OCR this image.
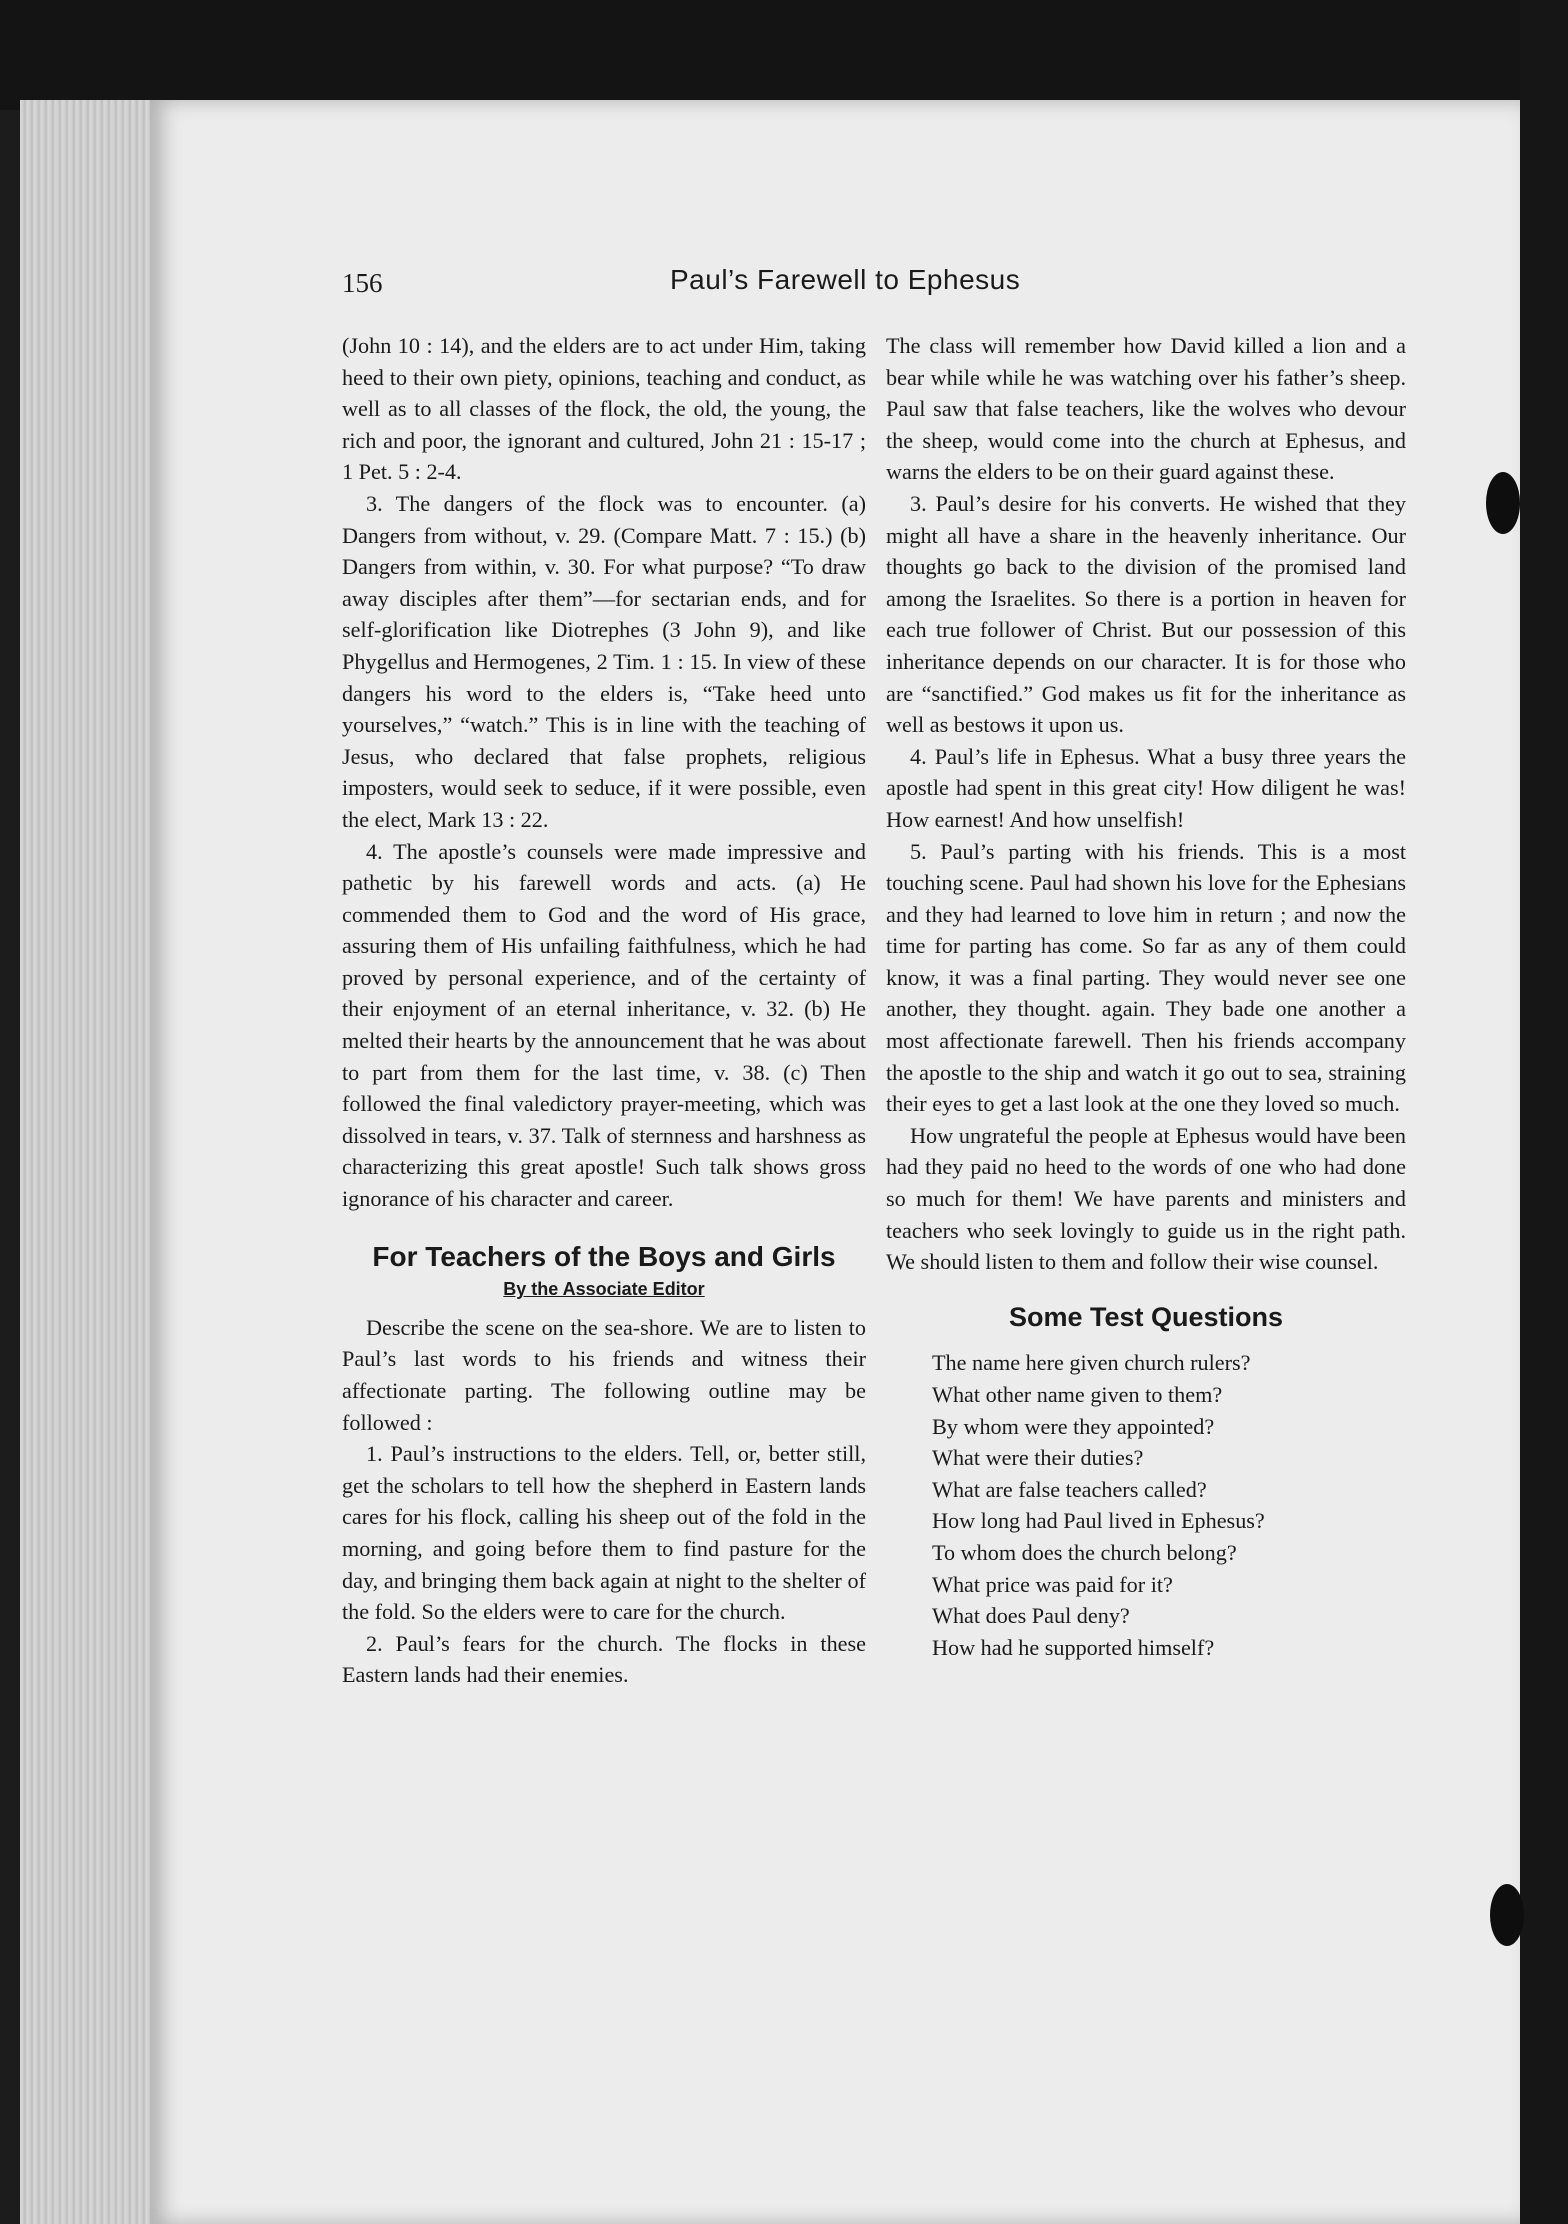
156	Paul’s Farewell to Ephesus

(John 10 : 14), and the elders are to act under Him, taking heed to their own piety, opinions, teaching and conduct, as well as to all classes of the flock, the old, the young, the rich and poor, the ignorant and cultured, John 21 : 15-17 ; 1 Pet. 5 : 2-4.

3. The dangers of the flock was to encounter. (a) Dangers from without, v. 29. (Compare Matt. 7 : 15.) (b) Dangers from within, v. 30. For what purpose? “To draw away disciples after them”—for sectarian ends, and for self-glorification like Diotrephes (3 John 9), and like Phygellus and Hermogenes, 2 Tim. 1 : 15. In view of these dangers his word to the elders is, “Take heed unto yourselves,” “watch.” This is in line with the teaching of Jesus, who declared that false prophets, religious imposters, would seek to seduce, if it were possible, even the elect, Mark 13 : 22.

4. The apostle’s counsels were made impressive and pathetic by his farewell words and acts. (a) He commended them to God and the word of His grace, assuring them of His unfailing faithfulness, which he had proved by personal experience, and of the certainty of their enjoyment of an eternal inheritance, v. 32. (b) He melted their hearts by the announcement that he was about to part from them for the last time, v. 38. (c) Then followed the final valedictory prayer-meeting, which was dissolved in tears, v. 37. Talk of sternness and harshness as characterizing this great apostle! Such talk shows gross ignorance of his character and career.

For Teachers of the Boys and Girls
By the Associate Editor

Describe the scene on the sea-shore. We are to listen to Paul’s last words to his friends and witness their affectionate parting. The following outline may be followed :

1. Paul’s instructions to the elders. Tell, or, better still, get the scholars to tell how the shepherd in Eastern lands cares for his flock, calling his sheep out of the fold in the morning, and going before them to find pasture for the day, and bringing them back again at night to the shelter of the fold. So the elders were to care for the church.

2. Paul’s fears for the church. The flocks in these Eastern lands had their enemies.

The class will remember how David killed a lion and a bear while while he was watching over his father’s sheep. Paul saw that false teachers, like the wolves who devour the sheep, would come into the church at Ephesus, and warns the elders to be on their guard against these.

3. Paul’s desire for his converts. He wished that they might all have a share in the heavenly inheritance. Our thoughts go back to the division of the promised land among the Israelites. So there is a portion in heaven for each true follower of Christ. But our possession of this inheritance depends on our character. It is for those who are “sanctified.” God makes us fit for the inheritance as well as bestows it upon us.

4. Paul’s life in Ephesus. What a busy three years the apostle had spent in this great city! How diligent he was! How earnest! And how unselfish!

5. Paul’s parting with his friends. This is a most touching scene. Paul had shown his love for the Ephesians and they had learned to love him in return ; and now the time for parting has come. So far as any of them could know, it was a final parting. They would never see one another, they thought. again. They bade one another a most affectionate farewell. Then his friends accompany the apostle to the ship and watch it go out to sea, straining their eyes to get a last look at the one they loved so much.

How ungrateful the people at Ephesus would have been had they paid no heed to the words of one who had done so much for them! We have parents and ministers and teachers who seek lovingly to guide us in the right path. We should listen to them and follow their wise counsel.

Some Test Questions
The name here given church rulers?
What other name given to them?
By whom were they appointed?
What were their duties?
What are false teachers called?
How long had Paul lived in Ephesus?
To whom does the church belong?
What price was paid for it?
What does Paul deny?
How had he supported himself?
